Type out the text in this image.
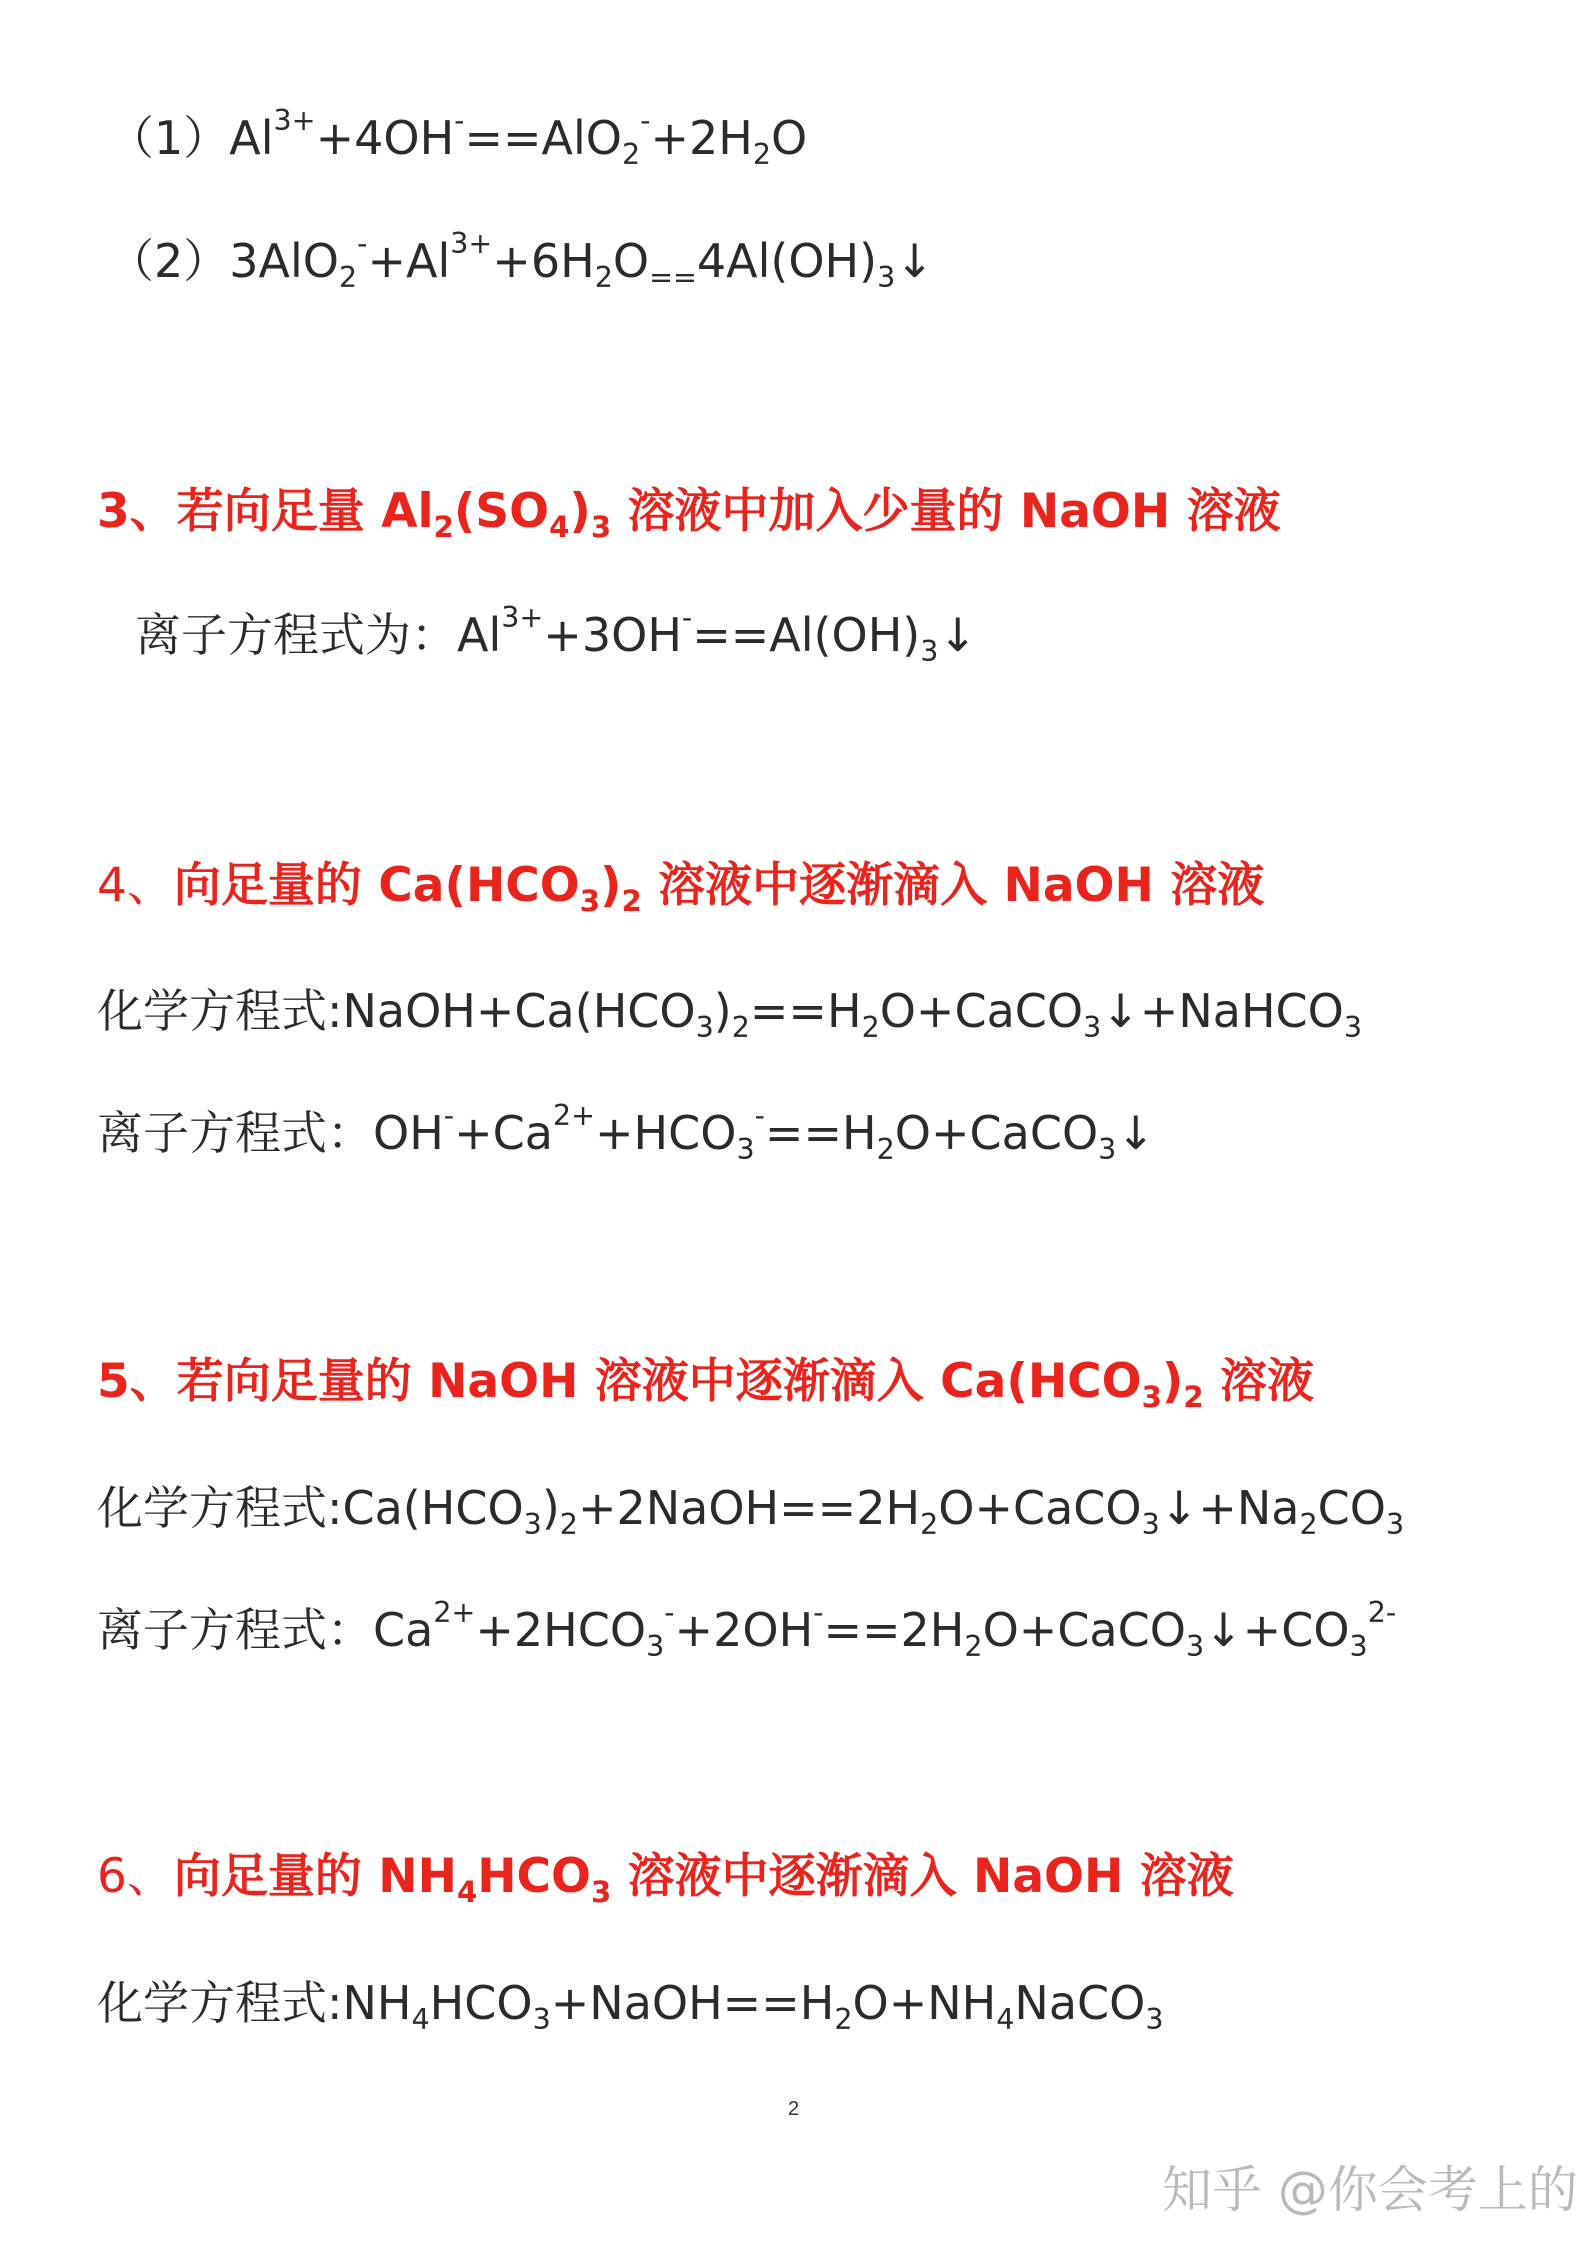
$(1)Al^{3+}+4OH^-==AlO_2^-+2H_2O$
$(2)3AlO_2^-+Al^{3+}+6H_2O_{==}4Al(OH)_3↓$
3、若向足量 $Al_2(SO_4)_3$ 溶液中加入少量的 NaOH 溶液
离子方程式为：$Al^{3+}+3OH^-==Al(OH)_3↓$
4、向足量的 $Ca(HCO_3)_2$ 溶液中逐渐滴入 NaOH 溶液
化学方程式$:NaOH+Ca(HCO_3)_2==H_2O+CaCO_3↓+NaHCO_3$
离子方程式：$OH^-+Ca^{2+}+HCO_3^-==H_2O+CaCO_3↓$
5、若向足量的 NaOH 溶液中逐渐滴入 $Ca(HCO_3)_2$ 溶液
化学方程式$:Ca(HCO_3)_2+2NaOH==2H_2O+CaCO_3↓+Na_2CO_3$
离子方程式：$Ca^{2+}+2HCO_3^-+2OH^-==2H_2O+CaCO_3↓+CO_3^{2-}$
6、向足量的 $NH_4HCO_3$ 溶液中逐渐滴入 NaOH 溶液
化学方程式$:NH_4HCO_3+NaOH==H_2O+NH_4NaCO_3$
2
知乎 @你会考上的
